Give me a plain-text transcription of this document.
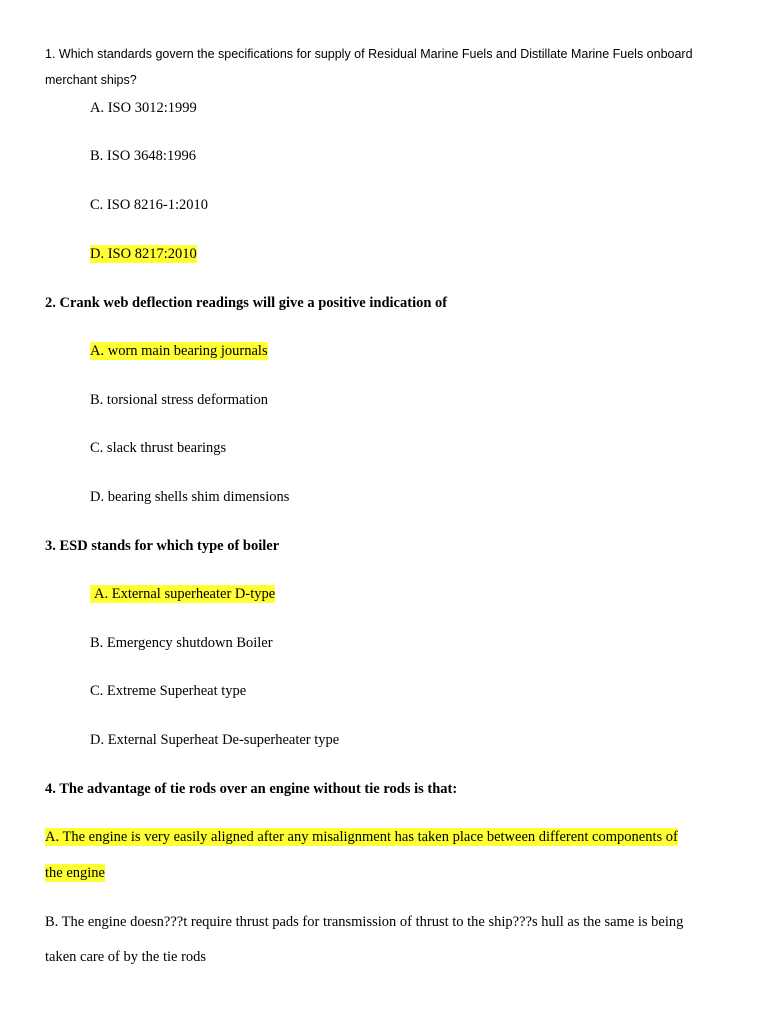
1. Which standards govern the specifications for supply of Residual Marine Fuels and Distillate Marine Fuels onboard
merchant ships?
A. ISO 3012:1999
B. ISO 3648:1996
C. ISO 8216-1:2010
D. ISO 8217:2010
2. Crank web deflection readings will give a positive indication of
A. worn main bearing journals
B. torsional stress deformation
C. slack thrust bearings
D. bearing shells shim dimensions
3. ESD stands for which type of boiler
A. External superheater D-type
B. Emergency shutdown Boiler
C. Extreme Superheat type
D. External Superheat De-superheater type
4. The advantage of tie rods over an engine without tie rods is that:
A. The engine is very easily aligned after any misalignment has taken place between different components of
the engine
B. The engine doesn???t require thrust pads for transmission of thrust to the ship???s hull as the same is being
taken care of by the tie rods
